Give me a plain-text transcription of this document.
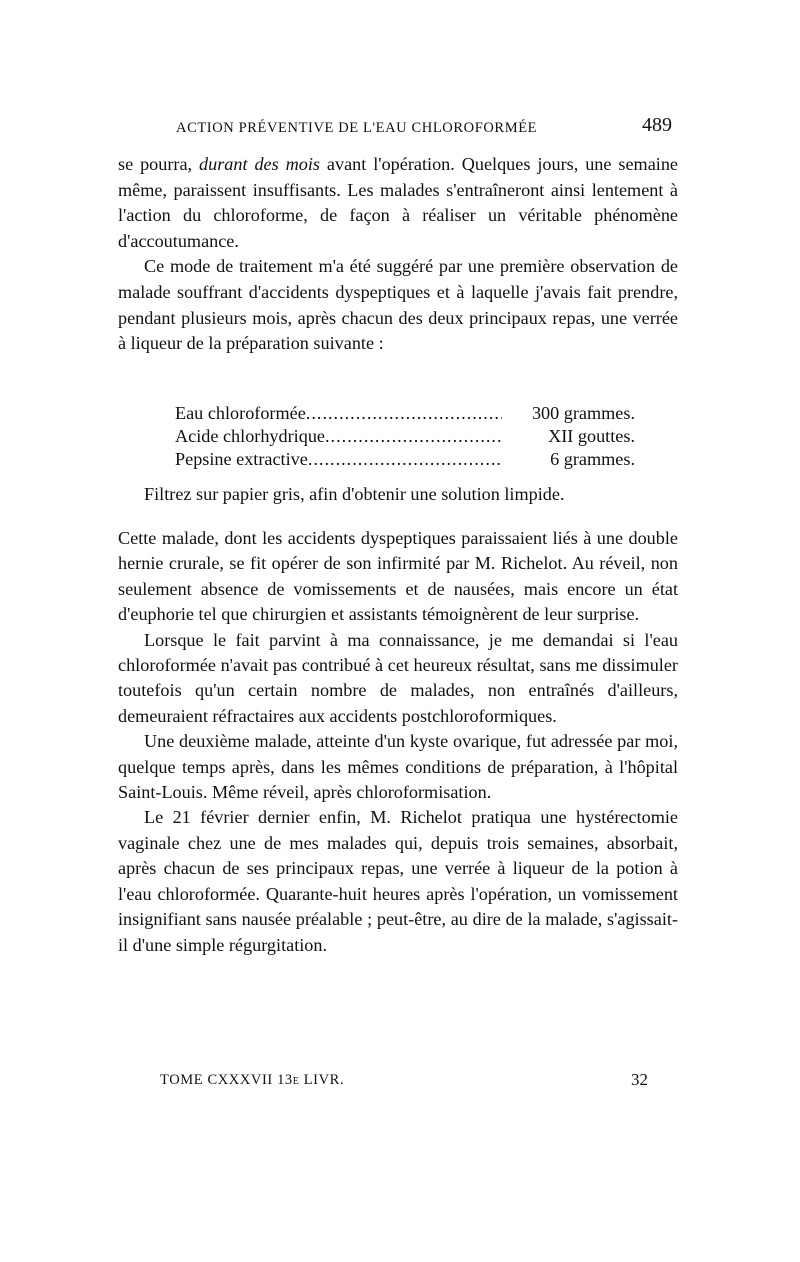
ACTION PRÉVENTIVE DE L'EAU CHLOROFORMÉE	489

se pourra, durant des mois avant l'opération. Quelques jours, une semaine même, paraissent insuffisants. Les malades s'entraîneront ainsi lentement à l'action du chloroforme, de façon à réaliser un véritable phénomène d'accoutumance.

Ce mode de traitement m'a été suggéré par une première observation de malade souffrant d'accidents dyspeptiques et à laquelle j'avais fait prendre, pendant plusieurs mois, après chacun des deux principaux repas, une verrée à liqueur de la préparation suivante :

Eau chloroformée .....	300 grammes.
Acide chlorhydrique .....	XII gouttes.
Pepsine extractive .....	6 grammes.
Filtrez sur papier gris, afin d'obtenir une solution limpide.

Cette malade, dont les accidents dyspeptiques paraissaient liés à une double hernie crurale, se fit opérer de son infirmité par M. Richelot. Au réveil, non seulement absence de vomissements et de nausées, mais encore un état d'euphorie tel que chirurgien et assistants témoignèrent de leur surprise.

Lorsque le fait parvint à ma connaissance, je me demandai si l'eau chloroformée n'avait pas contribué à cet heureux résultat, sans me dissimuler toutefois qu'un certain nombre de malades, non entraînés d'ailleurs, demeuraient réfractaires aux accidents postchloroformiques.

Une deuxième malade, atteinte d'un kyste ovarique, fut adressée par moi, quelque temps après, dans les mêmes conditions de préparation, à l'hôpital Saint-Louis. Même réveil, après chloroformisation.

Le 21 février dernier enfin, M. Richelot pratiqua une hystérectomie vaginale chez une de mes malades qui, depuis trois semaines, absorbait, après chacun de ses principaux repas, une verrée à liqueur de la potion à l'eau chloroformée. Quarante-huit heures après l'opération, un vomissement insignifiant sans nausée préalable ; peut-être, au dire de la malade, s'agissait-il d'une simple régurgitation.

TOME CXXXVII 13e LIVR.	32
